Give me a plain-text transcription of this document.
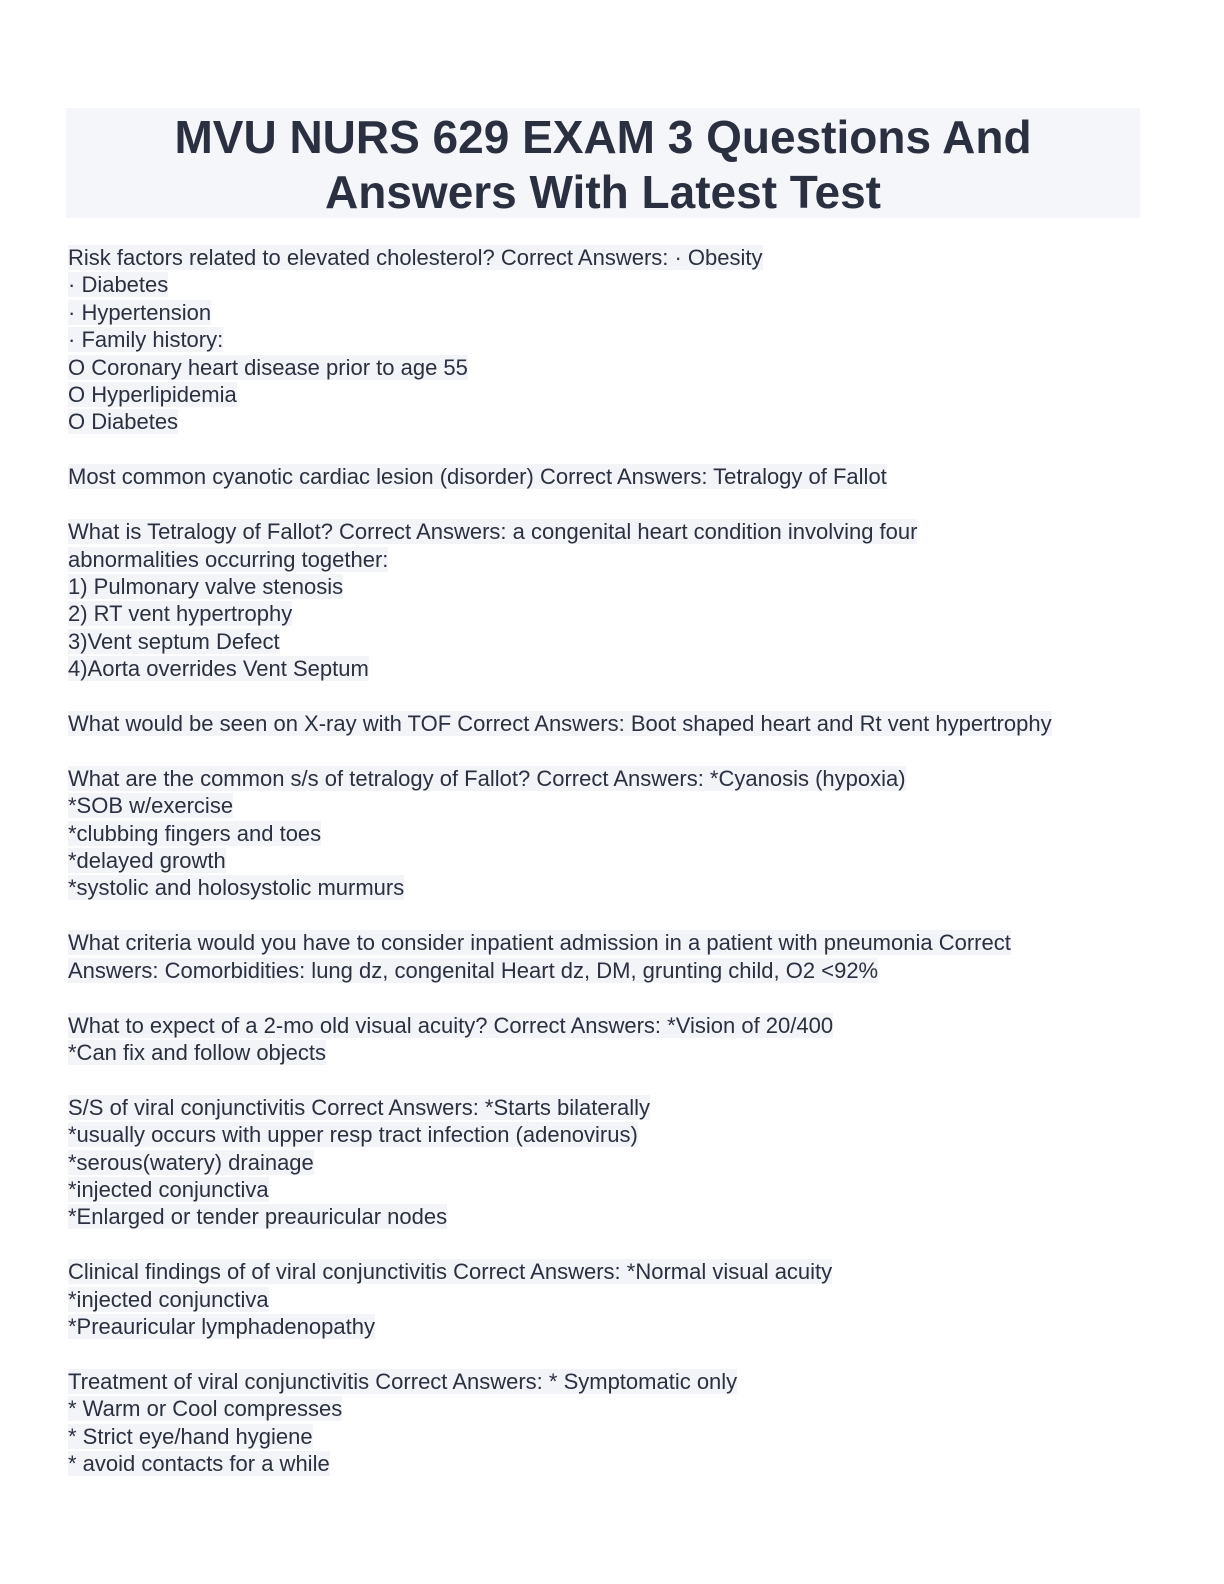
MVU NURS 629 EXAM 3 Questions And
Answers With Latest Test
Risk factors related to elevated cholesterol? Correct Answers: · Obesity
· Diabetes
· Hypertension
· Family history:
O Coronary heart disease prior to age 55
O Hyperlipidemia
O Diabetes
Most common cyanotic cardiac lesion (disorder) Correct Answers: Tetralogy of Fallot
What is Tetralogy of Fallot? Correct Answers: a congenital heart condition involving four
abnormalities occurring together:
1) Pulmonary valve stenosis
2) RT vent hypertrophy
3)Vent septum Defect
4)Aorta overrides Vent Septum
What would be seen on X-ray with TOF Correct Answers: Boot shaped heart and Rt vent hypertrophy
What are the common s/s of tetralogy of Fallot? Correct Answers: *Cyanosis (hypoxia)
*SOB w/exercise
*clubbing fingers and toes
*delayed growth
*systolic and holosystolic murmurs
What criteria would you have to consider inpatient admission in a patient with pneumonia Correct
Answers: Comorbidities: lung dz, congenital Heart dz, DM, grunting child, O2 <92%
What to expect of a 2-mo old visual acuity? Correct Answers: *Vision of 20/400
*Can fix and follow objects
S/S of viral conjunctivitis Correct Answers: *Starts bilaterally
*usually occurs with upper resp tract infection (adenovirus)
*serous(watery) drainage
*injected conjunctiva
*Enlarged or tender preauricular nodes
Clinical findings of of viral conjunctivitis Correct Answers: *Normal visual acuity
*injected conjunctiva
*Preauricular lymphadenopathy
Treatment of viral conjunctivitis Correct Answers: * Symptomatic only
* Warm or Cool compresses
* Strict eye/hand hygiene
* avoid contacts for a while
